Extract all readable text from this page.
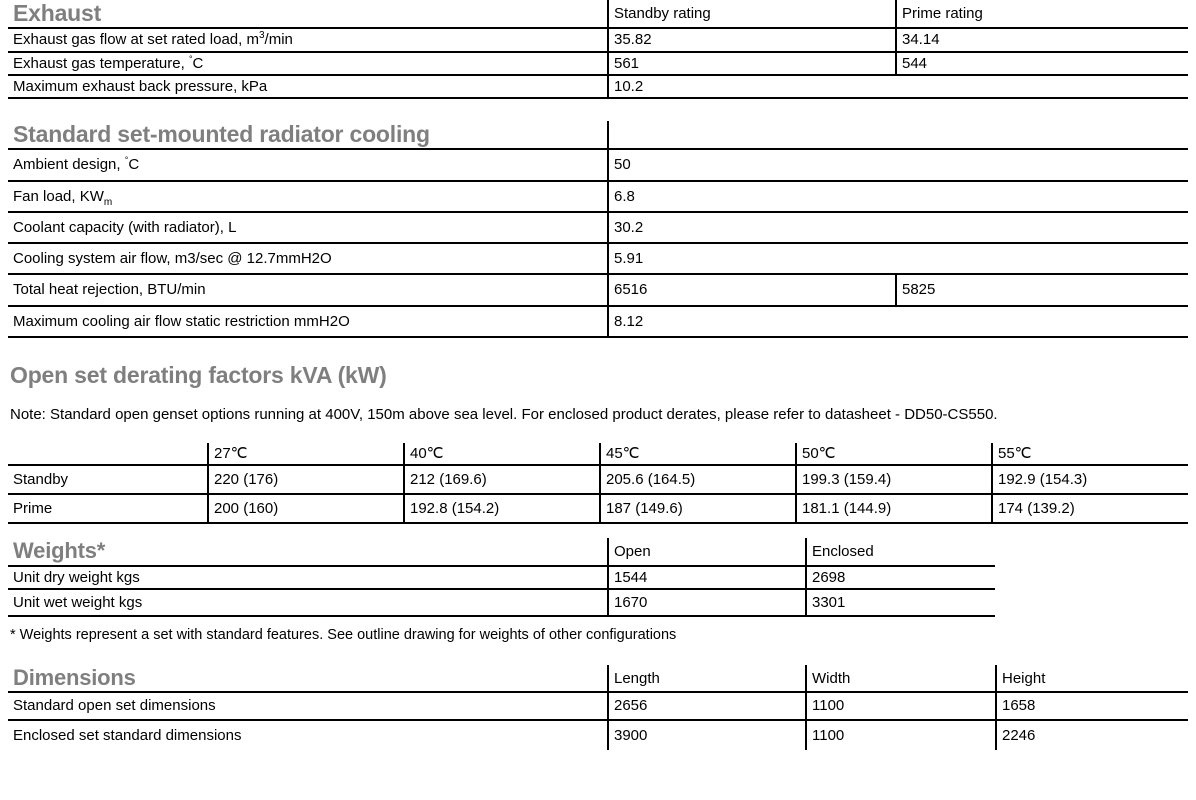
Exhaust	Standby rating	Prime rating
Exhaust gas flow at set rated load, $m^3/\min$	35.82	34.14
Exhaust gas temperature, °C	561	544
Maximum exhaust back pressure, kPa	10.2	
Standard set-mounted radiator cooling		
Ambient design, °C	50	
Fan load, $KW_m$	6.8	
Coolant capacity (with radiator), L	30.2	
Cooling system air flow, m3/sec @ 12.7mmH2O	5.91	
Total heat rejection, BTU/min	6516	5825
Maximum cooling air flow static restriction mmH2O	8.12	
Open set derating factors kVA (kW)
Note: Standard open genset options running at 400V, 150m above sea level. For enclosed product derates, please refer to datasheet - DD50-CS550.
	27℃	40℃	45℃	50℃	55℃
Standby	220 (176)	212 (169.6)	205.6 (164.5)	199.3 (159.4)	192.9 (154.3)
Prime	200 (160)	192.8 (154.2)	187 (149.6)	181.1 (144.9)	174 (139.2)
Weights*	Open	Enclosed
Unit dry weight kgs	1544	2698
Unit wet weight kgs	1670	3301
* Weights represent a set with standard features. See outline drawing for weights of other configurations
Dimensions	Length	Width	Height
Standard open set dimensions	2656	1100	1658
Enclosed set standard dimensions	3900	1100	2246
